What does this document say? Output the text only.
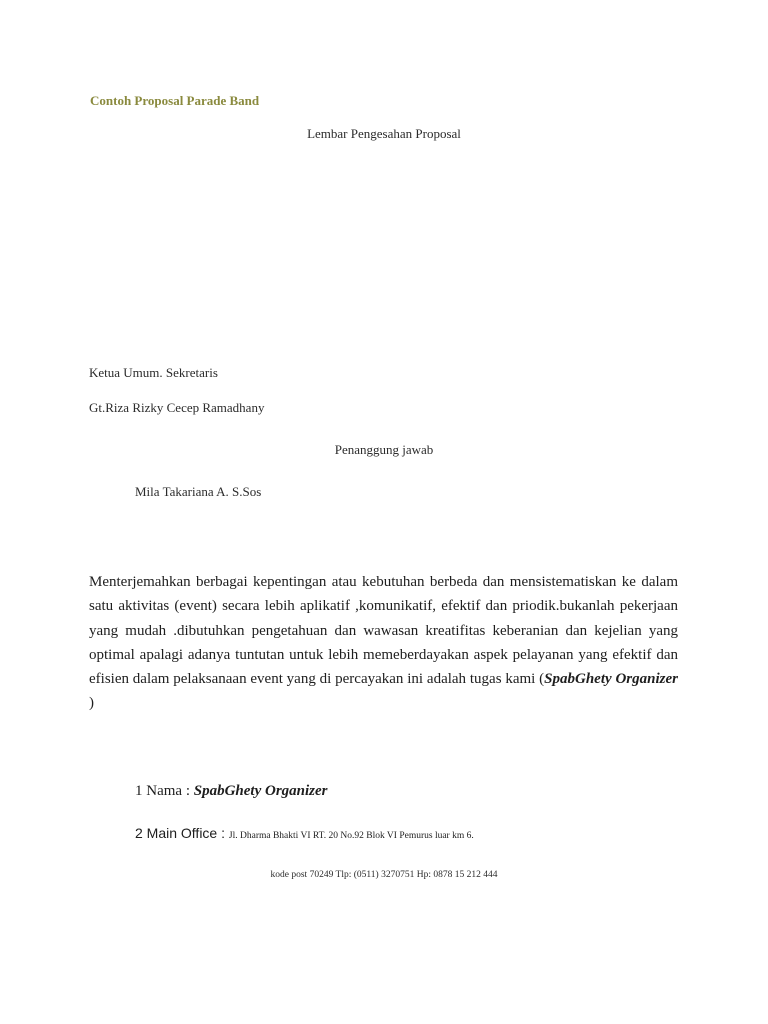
Contoh Proposal Parade Band
Lembar Pengesahan Proposal
Ketua Umum. Sekretaris
Gt.Riza Rizky Cecep Ramadhany
Penanggung jawab
Mila Takariana A. S.Sos

Menterjemahkan berbagai kepentingan atau kebutuhan berbeda dan mensistematiskan ke dalam satu aktivitas (event) secara lebih aplikatif ,komunikatif, efektif dan priodik.bukanlah pekerjaan yang mudah .dibutuhkan pengetahuan dan wawasan kreatifitas keberanian dan kejelian yang optimal apalagi adanya tuntutan untuk lebih memeberdayakan aspek pelayanan yang efektif dan efisien dalam pelaksanaan event yang di percayakan ini adalah tugas kami (SpabGhety Organizer )

1 Nama : SpabGhety Organizer
2 Main Office : Jl. Dharma Bhakti VI RT. 20 No.92 Blok VI Pemurus luar km 6.
kode post 70249 Tlp: (0511) 3270751 Hp: 0878 15 212 444
